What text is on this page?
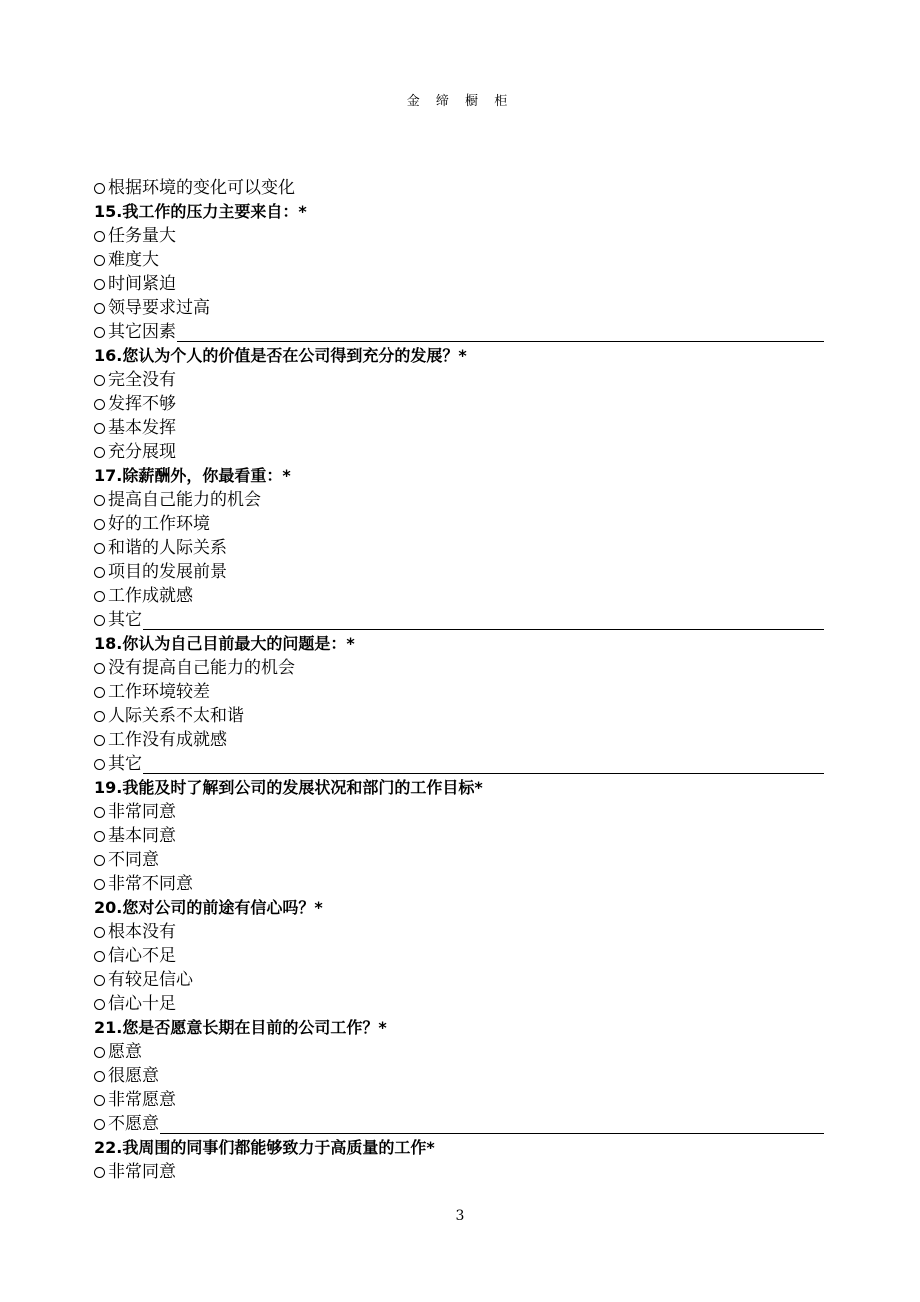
金 缔 橱 柜
根据环境的变化可以变化
15.我工作的压力主要来自：*
任务量大
难度大
时间紧迫
领导要求过高
其它因素
16.您认为个人的价值是否在公司得到充分的发展？*
完全没有
发挥不够
基本发挥
充分展现
17.除薪酬外，你最看重：*
提高自己能力的机会
好的工作环境
和谐的人际关系
项目的发展前景
工作成就感
其它
18.你认为自己目前最大的问题是：*
没有提高自己能力的机会
工作环境较差
人际关系不太和谐
工作没有成就感
其它
19.我能及时了解到公司的发展状况和部门的工作目标*
非常同意
基本同意
不同意
非常不同意
20.您对公司的前途有信心吗？*
根本没有
信心不足
有较足信心
信心十足
21.您是否愿意长期在目前的公司工作？*
愿意
很愿意
非常愿意
不愿意
22.我周围的同事们都能够致力于高质量的工作*
非常同意
3
